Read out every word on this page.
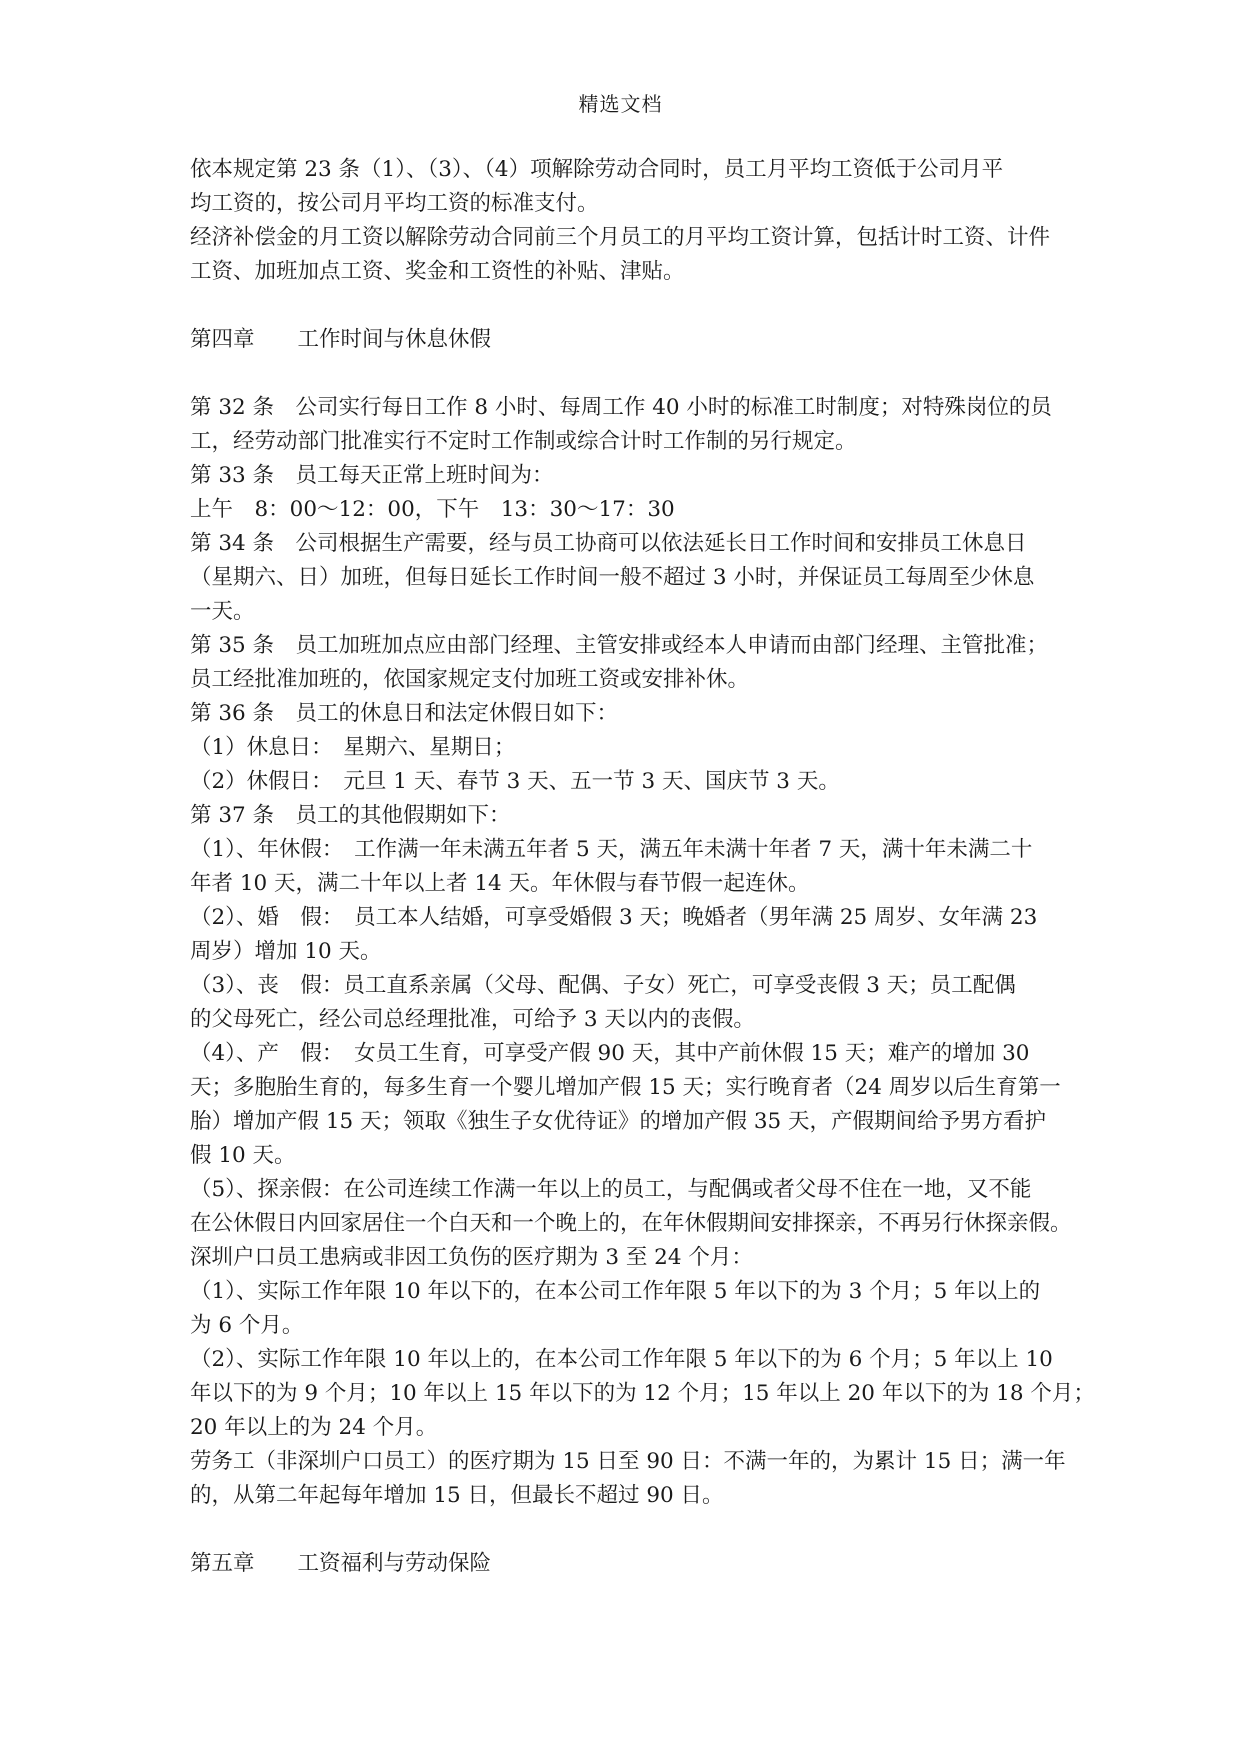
精选文档
依本规定第 23 条（1）、（3）、（4）项解除劳动合同时，员工月平均工资低于公司月平
均工资的，按公司月平均工资的标准支付。
经济补偿金的月工资以解除劳动合同前三个月员工的月平均工资计算，包括计时工资、计件
工资、加班加点工资、奖金和工资性的补贴、津贴。
第四章　　工作时间与休息休假
第 32 条　公司实行每日工作 8 小时、每周工作 40 小时的标准工时制度；对特殊岗位的员
工，经劳动部门批准实行不定时工作制或综合计时工作制的另行规定。
第 33 条　员工每天正常上班时间为：
上午　8：00～12：00，下午　13：30～17：30
第 34 条　公司根据生产需要，经与员工协商可以依法延长日工作时间和安排员工休息日
（星期六、日）加班，但每日延长工作时间一般不超过 3 小时，并保证员工每周至少休息
一天。
第 35 条　员工加班加点应由部门经理、主管安排或经本人申请而由部门经理、主管批准；
员工经批准加班的，依国家规定支付加班工资或安排补休。
第 36 条　员工的休息日和法定休假日如下：
（1）休息日：　星期六、星期日；
（2）休假日：　元旦 1 天、春节 3 天、五一节 3 天、国庆节 3 天。
第 37 条　员工的其他假期如下：
（1）、年休假：　工作满一年未满五年者 5 天，满五年未满十年者 7 天，满十年未满二十
年者 10 天，满二十年以上者 14 天。年休假与春节假一起连休。
（2）、婚　假：　员工本人结婚，可享受婚假 3 天；晚婚者（男年满 25 周岁、女年满 23
周岁）增加 10 天。
（3）、丧　假：员工直系亲属（父母、配偶、子女）死亡，可享受丧假 3 天；员工配偶
的父母死亡，经公司总经理批准，可给予 3 天以内的丧假。
（4）、产　假：　女员工生育，可享受产假 90 天，其中产前休假 15 天；难产的增加 30
天；多胞胎生育的，每多生育一个婴儿增加产假 15 天；实行晚育者（24 周岁以后生育第一
胎）增加产假 15 天；领取《独生子女优待证》的增加产假 35 天，产假期间给予男方看护
假 10 天。
（5）、探亲假：在公司连续工作满一年以上的员工，与配偶或者父母不住在一地，又不能
在公休假日内回家居住一个白天和一个晚上的，在年休假期间安排探亲，不再另行休探亲假。
深圳户口员工患病或非因工负伤的医疗期为 3 至 24 个月：
（1）、实际工作年限 10 年以下的，在本公司工作年限 5 年以下的为 3 个月；5 年以上的
为 6 个月。
（2）、实际工作年限 10 年以上的，在本公司工作年限 5 年以下的为 6 个月；5 年以上 10
年以下的为 9 个月；10 年以上 15 年以下的为 12 个月；15 年以上 20 年以下的为 18 个月；
20 年以上的为 24 个月。
劳务工（非深圳户口员工）的医疗期为 15 日至 90 日：不满一年的，为累计 15 日；满一年
的，从第二年起每年增加 15 日，但最长不超过 90 日。
第五章　　工资福利与劳动保险
